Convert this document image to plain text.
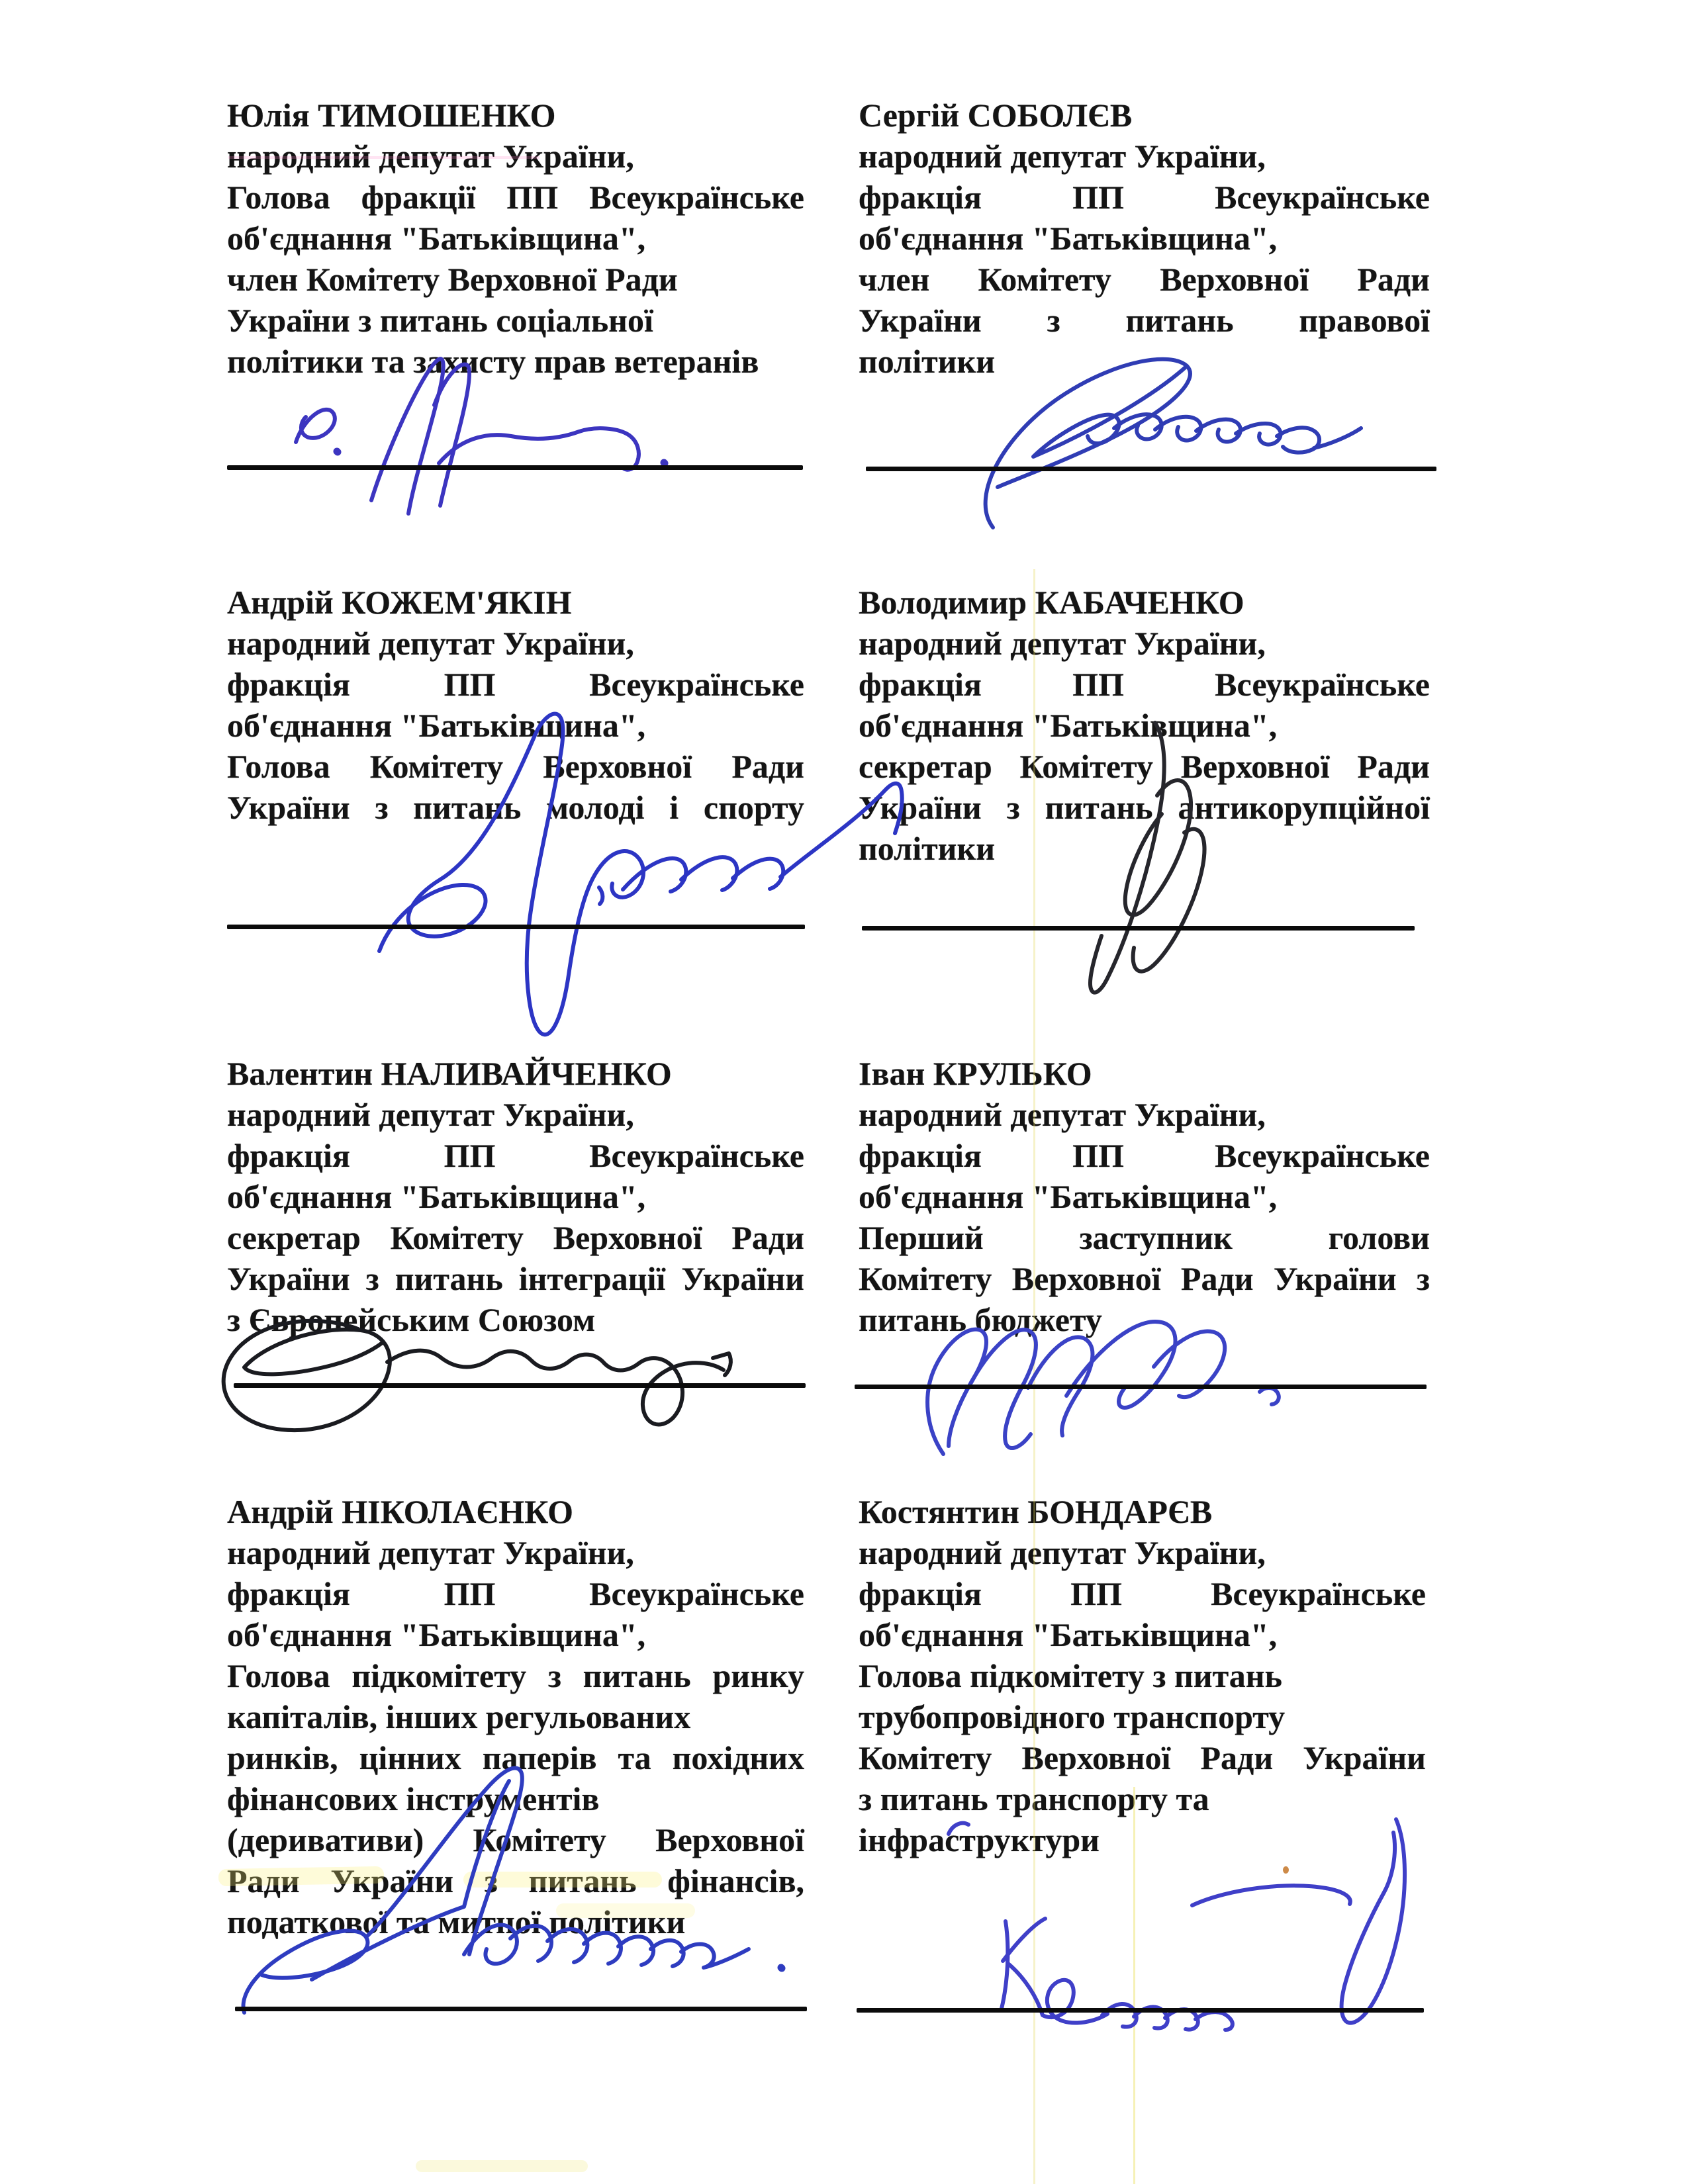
Юлія ТИМОШЕНКО
народний депутат України,
Голова фракції ПП Всеукраїнське
об'єднання "Батьківщина",
член Комітету Верховної Ради
України з питань соціальної
політики та захисту прав ветеранів
Сергій СОБОЛЄВ
народний депутат України,
фракція	ПП	Всеукраїнське
об'єднання "Батьківщина",
член Комітету Верховної Ради
України з питань правової
політики
Андрій КОЖЕМ'ЯКІН
народний депутат України,
фракція	ПП	Всеукраїнське
об'єднання "Батьківщина",
Голова Комітету Верховної Ради
України з питань молоді і спорту
Володимир КАБАЧЕНКО
народний депутат України,
фракція	ПП	Всеукраїнське
об'єднання "Батьківщина",
секретар Комітету Верховної Ради
України з питань антикорупційної
політики
Валентин НАЛИВАЙЧЕНКО
народний депутат України,
фракція	ПП	Всеукраїнське
об'єднання "Батьківщина",
секретар Комітету Верховної Ради
України з питань інтеграції України
з Європейським Союзом
Іван КРУЛЬКО
народний депутат України,
фракція	ПП	Всеукраїнське
об'єднання "Батьківщина",
Перший	заступник	голови
Комітету Верховної Ради України з
питань бюджету
Андрій НІКОЛАЄНКО
народний депутат України,
фракція	ПП	Всеукраїнське
об'єднання "Батьківщина",
Голова підкомітету з питань ринку
капіталів, інших регульованих
ринків, цінних паперів та похідних
фінансових інструментів
(деривативи) Комітету Верховної
Ради України з питань фінансів,
податкової та митної політики
Костянтин БОНДАРЄВ
народний депутат України,
фракція	ПП	Всеукраїнське
об'єднання "Батьківщина",
Голова підкомітету з питань
трубопровідного транспорту
Комітету Верховної Ради України
з питань транспорту та
інфраструктури
